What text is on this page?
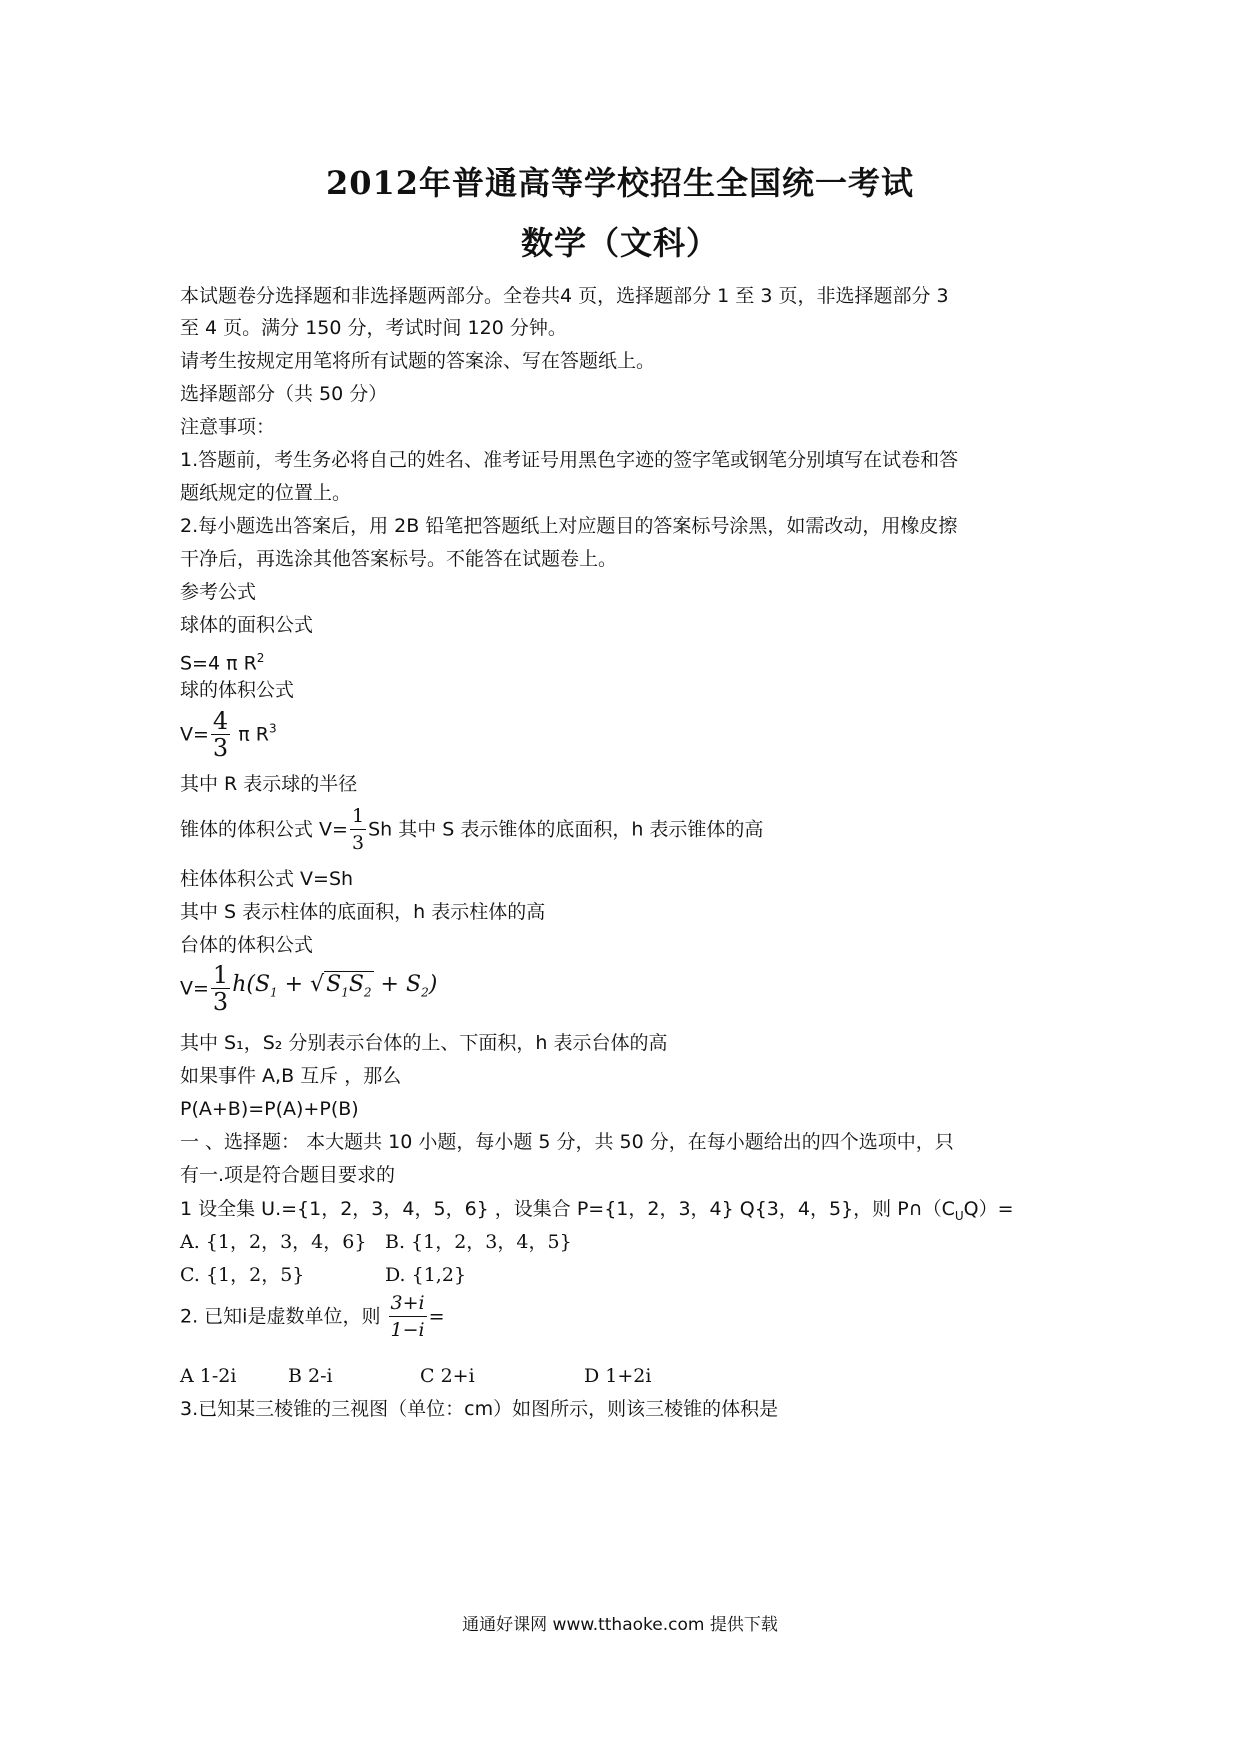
2012年普通高等学校招生全国统一考试
数学（文科）
本试题卷分选择题和非选择题两部分。全卷共4 页，选择题部分 1 至 3 页，非选择题部分 3
至 4 页。满分 150 分，考试时间 120 分钟。
请考生按规定用笔将所有试题的答案涂、写在答题纸上。
选择题部分（共 50 分）
注意事项：
1.答题前，考生务必将自己的姓名、准考证号用黑色字迹的签字笔或钢笔分别填写在试卷和答
题纸规定的位置上。
2.每小题选出答案后，用 2B 铅笔把答题纸上对应题目的答案标号涂黑，如需改动，用橡皮擦
干净后，再选涂其他答案标号。不能答在试题卷上。
参考公式
球体的面积公式
S=4 π $R^2$
球的体积公式
$V= \frac{4}{3}$ π $R^3$
其中 R 表示球的半径
锥体的体积公式 $V= \frac{1}{3}$ Sh 其中 S 表示锥体的底面积，h 表示锥体的高
柱体体积公式 V=Sh
其中 S 表示柱体的底面积，h 表示柱体的高
台体的体积公式
$V= \frac{1}{3} h(S_1 + √S_1S_2 + S_2)$
其中 S₁，S₂ 分别表示台体的上、下面积，h 表示台体的高
如果事件 A,B 互斥 ，那么
P(A+B)=P(A)+P(B)
一 、选择题： 本大题共 10 小题，每小题 5 分，共 50 分，在每小题给出的四个选项中，只
有一.项是符合题目要求的
1 设全集 U.={1，2，3，4，5，6} ，设集合 P={1，2，3，4} Q{3，4，5}，则 $P\cap(C_UQ)=$
A. {1，2，3，4，6} B. {1，2，3，4，5}
C. {1，2，5}	D. {1,2}
2. 已知i是虚数单位，则 $\frac{3+i}{1-i}$ =
A 1-2i	B 2-i	C 2+i	D 1+2i
3.已知某三棱锥的三视图（单位：cm）如图所示，则该三棱锥的体积是
通通好课网 www.tthaoke.com 提供下载
